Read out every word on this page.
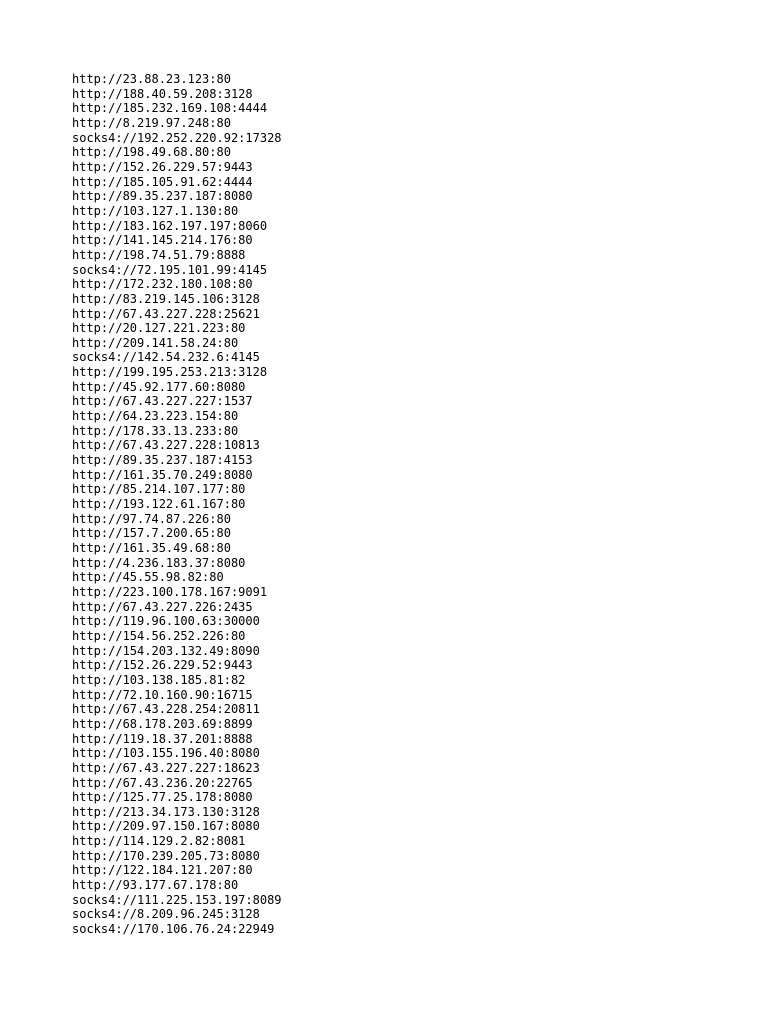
http://23.88.23.123:80
http://188.40.59.208:3128
http://185.232.169.108:4444
http://8.219.97.248:80
socks4://192.252.220.92:17328
http://198.49.68.80:80
http://152.26.229.57:9443
http://185.105.91.62:4444
http://89.35.237.187:8080
http://103.127.1.130:80
http://183.162.197.197:8060
http://141.145.214.176:80
http://198.74.51.79:8888
socks4://72.195.101.99:4145
http://172.232.180.108:80
http://83.219.145.106:3128
http://67.43.227.228:25621
http://20.127.221.223:80
http://209.141.58.24:80
socks4://142.54.232.6:4145
http://199.195.253.213:3128
http://45.92.177.60:8080
http://67.43.227.227:1537
http://64.23.223.154:80
http://178.33.13.233:80
http://67.43.227.228:10813
http://89.35.237.187:4153
http://161.35.70.249:8080
http://85.214.107.177:80
http://193.122.61.167:80
http://97.74.87.226:80
http://157.7.200.65:80
http://161.35.49.68:80
http://4.236.183.37:8080
http://45.55.98.82:80
http://223.100.178.167:9091
http://67.43.227.226:2435
http://119.96.100.63:30000
http://154.56.252.226:80
http://154.203.132.49:8090
http://152.26.229.52:9443
http://103.138.185.81:82
http://72.10.160.90:16715
http://67.43.228.254:20811
http://68.178.203.69:8899
http://119.18.37.201:8888
http://103.155.196.40:8080
http://67.43.227.227:18623
http://67.43.236.20:22765
http://125.77.25.178:8080
http://213.34.173.130:3128
http://209.97.150.167:8080
http://114.129.2.82:8081
http://170.239.205.73:8080
http://122.184.121.207:80
http://93.177.67.178:80
socks4://111.225.153.197:8089
socks4://8.209.96.245:3128
socks4://170.106.76.24:22949
